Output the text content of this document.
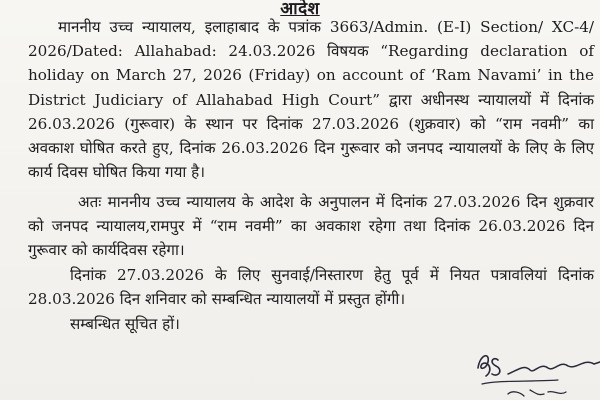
आदेश

माननीय उच्च न्यायालय, इलाहाबाद के पत्रांक 3663/Admin. (E-I) Section/ XC-4/ 2026/Dated: Allahabad: 24.03.2026 विषयक “Regarding declaration of holiday on March 27, 2026 (Friday) on account of ‘Ram Navami’ in the District Judiciary of Allahabad High Court” द्वारा अधीनस्थ न्यायालयों में दिनांक 26.03.2026 (गुरूवार) के स्थान पर दिनांक 27.03.2026 (शुक्रवार) को “राम नवमी” का अवकाश घोषित करते हुए, दिनांक 26.03.2026 दिन गुरूवार को जनपद न्यायालयों के लिए के लिए कार्य दिवस घोषित किया गया है।

अतः माननीय उच्च न्यायालय के आदेश के अनुपालन में दिनांक 27.03.2026 दिन शुक्रवार को जनपद न्यायालय,रामपुर में “राम नवमी” का अवकाश रहेगा तथा दिनांक 26.03.2026 दिन गुरूवार को कार्यदिवस रहेगा।

दिनांक 27.03.2026 के लिए सुनवाई/निस्तारण हेतु पूर्व में नियत पत्रावलियां दिनांक 28.03.2026 दिन शनिवार को सम्बन्धित न्यायालयों में प्रस्तुत होंगी।

सम्बन्धित सूचित हों।
